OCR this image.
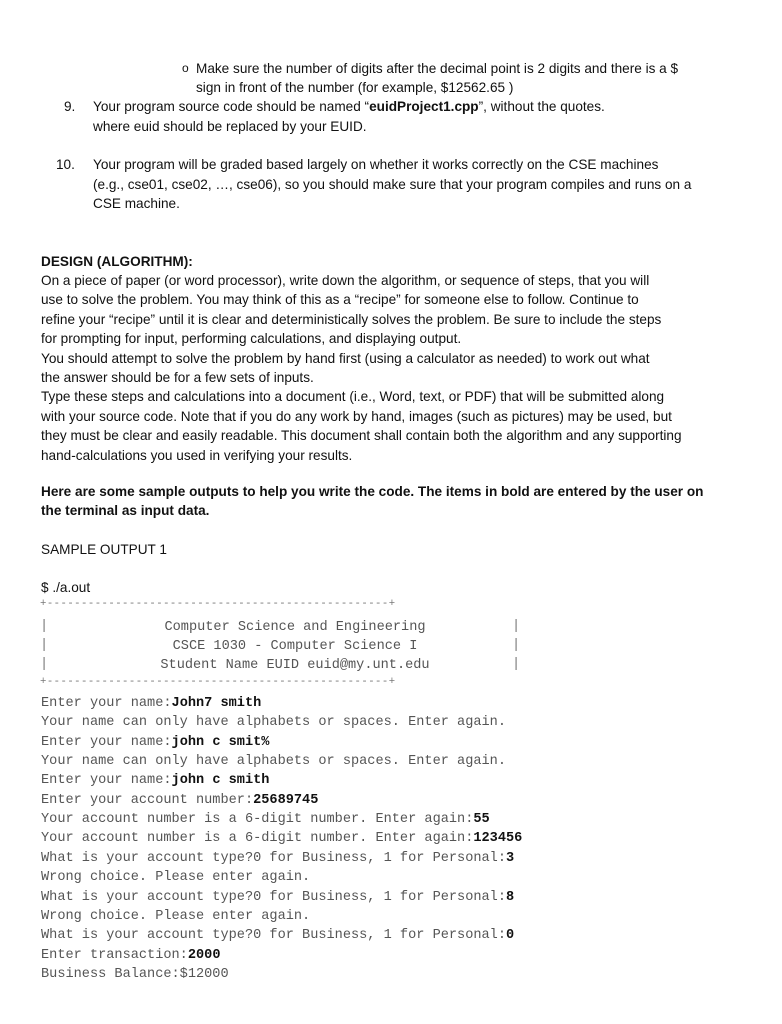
o Make sure the number of digits after the decimal point is 2 digits and there is a $
sign in front of the number (for example, $12562.65 )
9. Your program source code should be named “euidProject1.cpp”, without the quotes.
where euid should be replaced by your EUID.
10. Your program will be graded based largely on whether it works correctly on the CSE machines
(e.g., cse01, cse02, …, cse06), so you should make sure that your program compiles and runs on a
CSE machine.
DESIGN (ALGORITHM):
On a piece of paper (or word processor), write down the algorithm, or sequence of steps, that you will
use to solve the problem. You may think of this as a “recipe” for someone else to follow. Continue to
refine your “recipe” until it is clear and deterministically solves the problem. Be sure to include the steps
for prompting for input, performing calculations, and displaying output.
You should attempt to solve the problem by hand first (using a calculator as needed) to work out what
the answer should be for a few sets of inputs.
Type these steps and calculations into a document (i.e., Word, text, or PDF) that will be submitted along
with your source code. Note that if you do any work by hand, images (such as pictures) may be used, but
they must be clear and easily readable. This document shall contain both the algorithm and any supporting
hand-calculations you used in verifying your results.
Here are some sample outputs to help you write the code. The items in bold are entered by the user on
the terminal as input data.
SAMPLE OUTPUT 1
$ ./a.out
+--------------------------------------------------+
|
|
|
|
|
|
Computer Science and Engineering
CSCE 1030 - Computer Science I
Student Name EUID euid@my.unt.edu
+--------------------------------------------------+
Enter your name:John7 smith
Your name can only have alphabets or spaces. Enter again.
Enter your name:john c smit%
Your name can only have alphabets or spaces. Enter again.
Enter your name:john c smith
Enter your account number:25689745
Your account number is a 6-digit number. Enter again:55
Your account number is a 6-digit number. Enter again:123456
What is your account type?0 for Business, 1 for Personal:3
Wrong choice. Please enter again.
What is your account type?0 for Business, 1 for Personal:8
Wrong choice. Please enter again.
What is your account type?0 for Business, 1 for Personal:0
Enter transaction:2000
Business Balance:$12000
